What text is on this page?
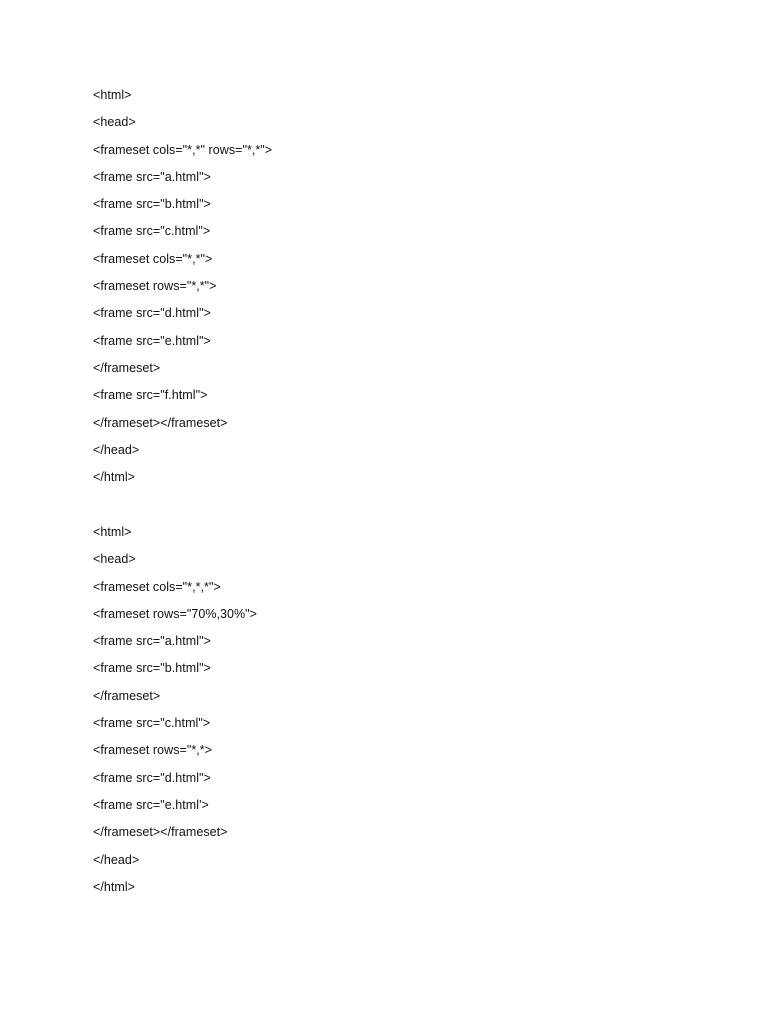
<html>
<head>
<frameset cols="*,*" rows="*,*">
<frame src="a.html">
<frame src="b.html">
<frame src="c.html">
<frameset cols="*,*">
<frameset rows="*,*">
<frame src="d.html">
<frame src="e.html">
</frameset>
<frame src="f.html">
</frameset></frameset>
</head>
</html>
<html>
<head>
<frameset cols="*,*,*">
<frameset rows="70%,30%">
<frame src="a.html">
<frame src="b.html">
</frameset>
<frame src="c.html">
<frameset rows="*,*>
<frame src="d.html">
<frame src="e.html'>
</frameset></frameset>
</head>
</html>
